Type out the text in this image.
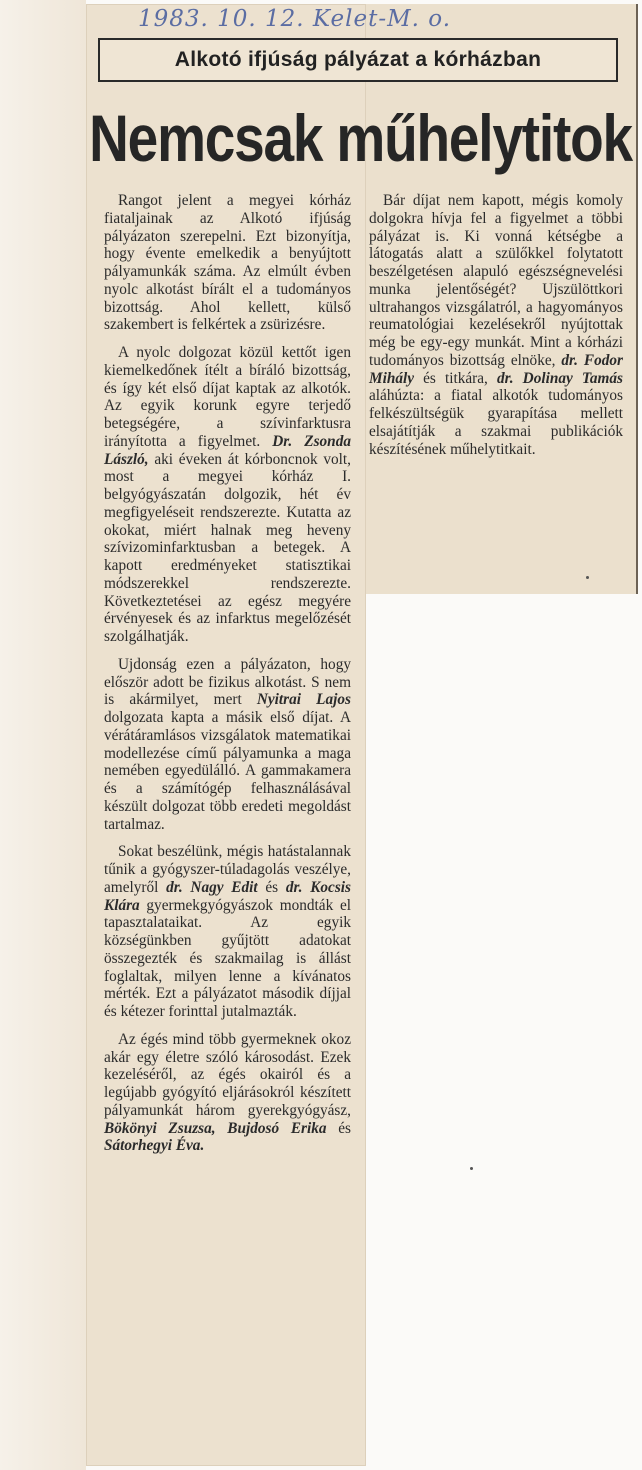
1983. 10. 12. Kelet-M. o.
Alkotó ifjúság pályázat a kórházban
Nemcsak műhelytitok

Rangot jelent a megyei kórház fiataljainak az Alkotó ifjúság pályázaton szerepelni. Ezt bizonyítja, hogy évente emelkedik a benyújtott pályamunkák száma. Az elmúlt évben nyolc alkotást bírált el a tudományos bizottság. Ahol kellett, külső szakembert is felkértek a zsürizésre.

A nyolc dolgozat közül kettőt igen kiemelkedőnek ítélt a bíráló bizottság, és így két első díjat kaptak az alkotók. Az egyik korunk egyre terjedő betegségére, a szívinfarktusra irányította a figyelmet. Dr. Zsonda László, aki éveken át kórboncnok volt, most a megyei kórház I. belgyógyászatán dolgozik, hét év megfigyeléseit rendszerezte. Kutatta az okokat, miért halnak meg heveny szívizominfarktusban a betegek. A kapott eredményeket statisztikai módszerekkel rendszerezte. Következtetései az egész megyére érvényesek és az infarktus megelőzését szolgálhatják.

Ujdonság ezen a pályázaton, hogy először adott be fizikus alkotást. S nem is akármilyet, mert Nyitrai Lajos dolgozata kapta a másik első díjat. A vérátáramlásos vizsgálatok matematikai modellezése című pályamunka a maga nemében egyedülálló. A gammakamera és a számítógép felhasználásával készült dolgozat több eredeti megoldást tartalmaz.

Sokat beszélünk, mégis hatástalannak tűnik a gyógyszer-túladagolás veszélye, amelyről dr. Nagy Edit és dr. Kocsis Klára gyermekgyógyászok mondták el tapasztalataikat. Az egyik községünkben gyűjtött adatokat összegezték és szakmailag is állást foglaltak, milyen lenne a kívánatos mérték. Ezt a pályázatot második díjjal és kétezer forinttal jutalmazták.

Az égés mind több gyermeknek okoz akár egy életre szóló károsodást. Ezek kezeléséről, az égés okairól és a legújabb gyógyító eljárásokról készített pályamunkát három gyerekgyógyász, Bökönyi Zsuzsa, Bujdosó Erika és Sátorhegyi Éva.

Bár díjat nem kapott, mégis komoly dolgokra hívja fel a figyelmet a többi pályázat is. Ki vonná kétségbe a látogatás alatt a szülőkkel folytatott beszélgetésen alapuló egészségnevelési munka jelentőségét? Ujszülöttkori ultrahangos vizsgálatról, a hagyományos reumatológiai kezelésekről nyújtottak még be egy-egy munkát. Mint a kórházi tudományos bizottság elnöke, dr. Fodor Mihály és titkára, dr. Dolinay Tamás aláhúzta: a fiatal alkotók tudományos felkészültségük gyarapítása mellett elsajátítják a szakmai publikációk készítésének műhelytitkait.
